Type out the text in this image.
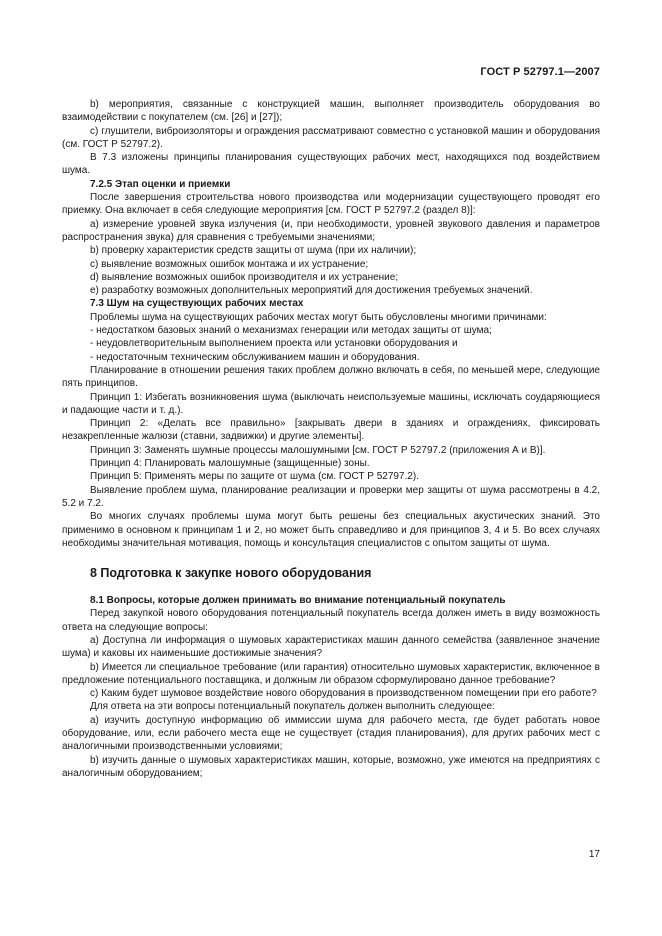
ГОСТ Р 52797.1—2007

b) мероприятия, связанные с конструкцией машин, выполняет производитель оборудования во взаимодействии с покупателем (см. [26] и [27]);

с) глушители, виброизоляторы и ограждения рассматривают совместно с установкой машин и оборудования (см. ГОСТ Р 52797.2).

В 7.3 изложены принципы планирования существующих рабочих мест, находящихся под воздействием шума.

7.2.5 Этап оценки и приемки

После завершения строительства нового производства или модернизации существующего проводят его приемку. Она включает в себя следующие мероприятия [см. ГОСТ Р 52797.2 (раздел 8)]:

а) измерение уровней звука излучения (и, при необходимости, уровней звукового давления и параметров распространения звука) для сравнения с требуемыми значениями;

b) проверку характеристик средств защиты от шума (при их наличии);

с) выявление возможных ошибок монтажа и их устранение;

d) выявление возможных ошибок производителя и их устранение;

е) разработку возможных дополнительных мероприятий для достижения требуемых значений.

7.3 Шум на существующих рабочих местах

Проблемы шума на существующих рабочих местах могут быть обусловлены многими причинами:

- недостатком базовых знаний о механизмах генерации или методах защиты от шума;

- неудовлетворительным выполнением проекта или установки оборудования и

- недостаточным техническим обслуживанием машин и оборудования.

Планирование в отношении решения таких проблем должно включать в себя, по меньшей мере, следующие пять принципов.

Принцип 1: Избегать возникновения шума (выключать неиспользуемые машины, исключать соударяющиеся и падающие части и т. д.).

Принцип 2: «Делать все правильно» [закрывать двери в зданиях и ограждениях, фиксировать незакрепленные жалюзи (ставни, задвижки) и другие элементы].

Принцип 3: Заменять шумные процессы малошумными [см. ГОСТ Р 52797.2 (приложения А и В)].

Принцип 4: Планировать малошумные (защищенные) зоны.

Принцип 5: Применять меры по защите от шума (см. ГОСТ Р 52797.2).

Выявление проблем шума, планирование реализации и проверки мер защиты от шума рассмотрены в 4.2, 5.2 и 7.2.

Во многих случаях проблемы шума могут быть решены без специальных акустических знаний. Это применимо в основном к принципам 1 и 2, но может быть справедливо и для принципов 3, 4 и 5. Во всех случаях необходимы значительная мотивация, помощь и консультация специалистов с опытом защиты от шума.

8 Подготовка к закупке нового оборудования

8.1 Вопросы, которые должен принимать во внимание потенциальный покупатель

Перед закупкой нового оборудования потенциальный покупатель всегда должен иметь в виду возможность ответа на следующие вопросы:

а) Доступна ли информация о шумовых характеристиках машин данного семейства (заявленное значение шума) и каковы их наименьшие достижимые значения?

b) Имеется ли специальное требование (или гарантия) относительно шумовых характеристик, включенное в предложение потенциального поставщика, и должным ли образом сформулировано данное требование?

с) Каким будет шумовое воздействие нового оборудования в производственном помещении при его работе?

Для ответа на эти вопросы потенциальный покупатель должен выполнить следующее:

а) изучить доступную информацию об иммиссии шума для рабочего места, где будет работать новое оборудование, или, если рабочего места еще не существует (стадия планирования), для других рабочих мест с аналогичными производственными условиями;

b) изучить данные о шумовых характеристиках машин, которые, возможно, уже имеются на предприятиях с аналогичным оборудованием;

17
